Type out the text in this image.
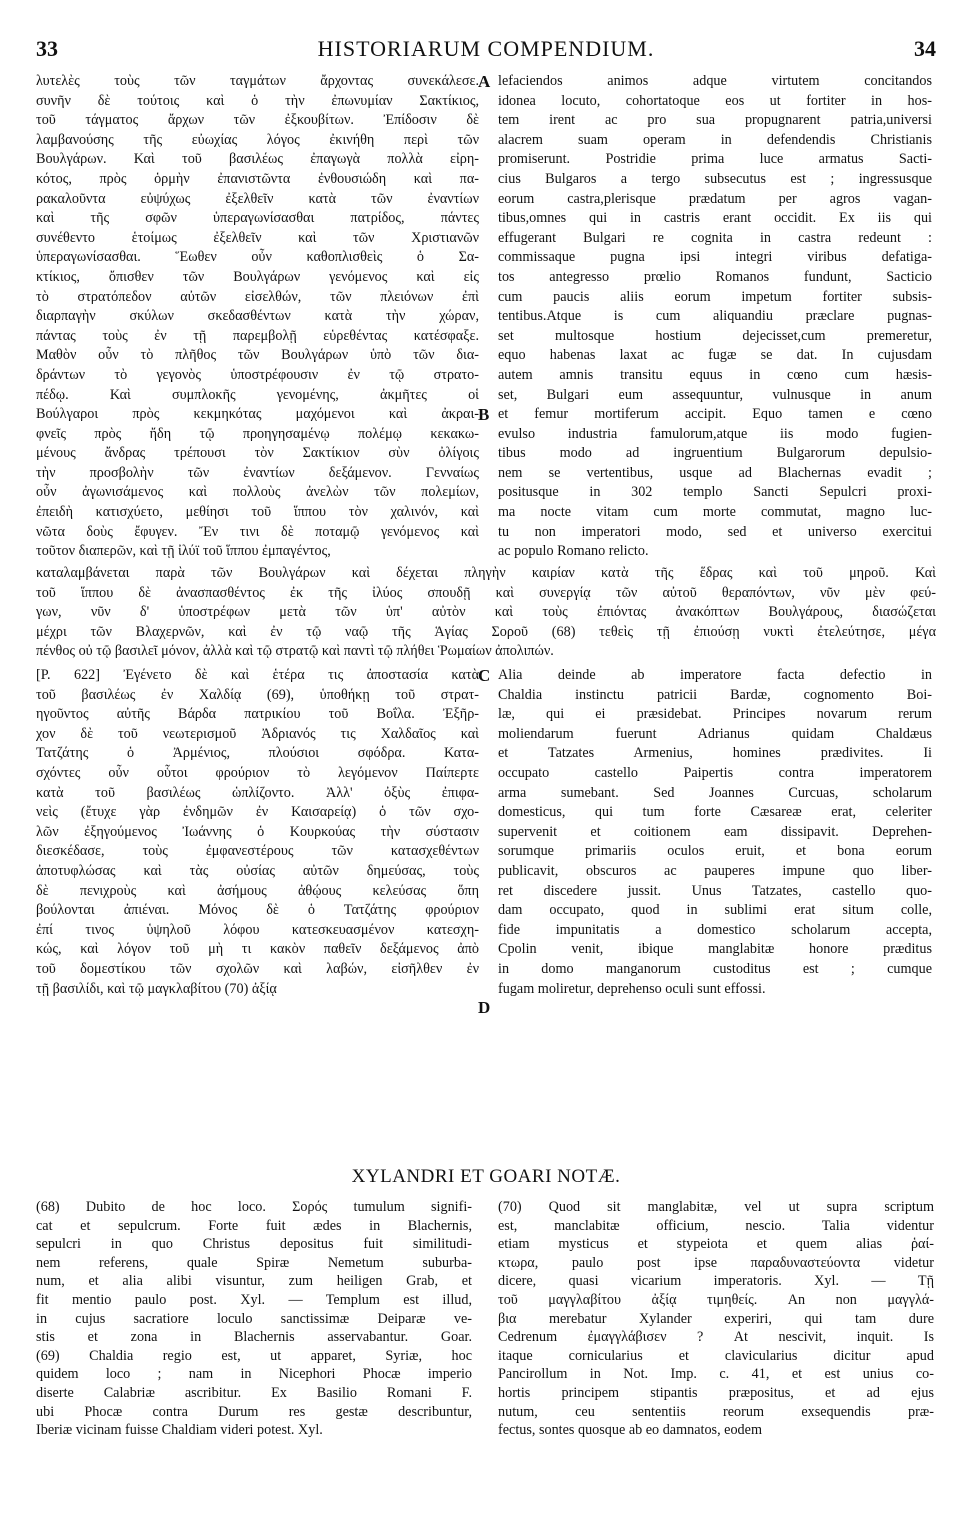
33	HISTORIARUM COMPENDIUM.	34
λυτελὲς τοὺς τῶν ταγμάτων ἄρχοντας συνεκάλεσε.
συνῆν δὲ τούτοις καὶ ὁ τὴν ἐπωνυμίαν Σακτίκιος,
τοῦ τάγματος ἄρχων τῶν ἐξκουβίτων. Ἐπίδοσιν δὲ
λαμβανούσης τῆς εὐωχίας λόγος ἐκινήθη περὶ τῶν
Βουλγάρων. Καὶ τοῦ βασιλέως ἐπαγωγὰ πολλὰ εἰρη-
κότος, πρὸς ὁρμὴν ἐπανιστῶντα ἐνθουσιώδη καὶ πα-
ρακαλοῦντα εὐψύχως ἐξελθεῖν κατὰ τῶν ἐναντίων
καὶ τῆς σφῶν ὑπεραγωνίσασθαι πατρίδος, πάντες
συνέθεντο ἑτοίμως ἐξελθεῖν καὶ τῶν Χριστιανῶν
ὑπεραγωνίσασθαι. Ἕωθεν οὖν καθοπλισθεὶς ὁ Σα-
κτίκιος, ὄπισθεν τῶν Βουλγάρων γενόμενος καὶ εἰς
τὸ στρατόπεδον αὐτῶν εἰσελθών, τῶν πλειόνων ἐπὶ
διαρπαγὴν σκύλων σκεδασθέντων κατὰ τὴν χώραν,
πάντας τοὺς ἐν τῇ παρεμβολῇ εὑρεθέντας κατέσφαξε.
Μαθὸν οὖν τὸ πλῆθος τῶν Βουλγάρων ὑπὸ τῶν δια-
δράντων τὸ γεγονὸς ὑποστρέφουσιν ἐν τῷ στρατο-
πέδῳ. Καὶ συμπλοκῆς γενομένης, ἀκμῆτες οἱ
Βούλγαροι πρὸς κεκμηκότας μαχόμενοι καὶ ἀκραι-
φνεῖς πρὸς ἤδη τῷ προηγησαμένῳ πολέμῳ κεκακω-
μένους ἄνδρας τρέπουσι τὸν Σακτίκιον σὺν ὀλίγοις
τὴν προσβολὴν τῶν ἐναντίων δεξάμενον. Γενναίως
οὖν ἀγωνισάμενος καὶ πολλοὺς ἀνελὼν τῶν πολεμίων,
ἐπειδὴ κατισχύετο, μεθίησι τοῦ ἵππου τὸν χαλινόν, καὶ
νῶτα δοὺς ἔφυγεν. Ἔν τινι δὲ ποταμῷ γενόμενος καὶ
τοῦτον διαπερῶν, καὶ τῇ ἰλύϊ τοῦ ἵππου ἐμπαγέντος,
lefaciendos animos adque virtutem concitandos
idonea locuto, cohortatoque eos ut fortiter in hos-
tem irent ac pro sua propugnarent patria,universi
alacrem suam operam in defendendis Christianis
promiserunt. Postridie prima luce armatus Sacti-
cius Bulgaros a tergo subsecutus est ; ingressusque
eorum castra,plerisque prædatum per agros vagan-
tibus,omnes qui in castris erant occidit. Ex iis qui
effugerant Bulgari re cognita in castra redeunt :
commissaque pugna ipsi integri viribus defatiga-
tos antegresso prœlio Romanos fundunt, Sacticio
cum paucis aliis eorum impetum fortiter subsis-
tentibus.Atque is cum aliquandiu præclare pugnas-
set multosque hostium dejecisset,cum premeretur,
equo habenas laxat ac fugæ se dat. In cujusdam
autem amnis transitu equus in cœno cum hæsis-
set, Bulgari eum assequuntur, vulnusque in anum
et femur mortiferum accipit. Equo tamen e cœno
evulso industria famulorum,atque iis modo fugien-
tibus modo ad ingruentium Bulgarorum depulsio-
nem se vertentibus, usque ad Blachernas evadit ;
positusque in 302 templo Sancti Sepulcri proxi-
ma nocte vitam cum morte commutat, magno luc-
tu non imperatori modo, sed et universo exercitui
ac populo Romano relicto.
A
B
καταλαμβάνεται παρὰ τῶν Βουλγάρων καὶ δέχεται πληγὴν καιρίαν κατὰ τῆς ἕδρας καὶ τοῦ μηροῦ. Καὶ
τοῦ ἵππου δὲ ἀνασπασθέντος ἐκ τῆς ἰλύος σπουδῇ καὶ συνεργίᾳ τῶν αὐτοῦ θεραπόντων, νῦν μὲν φεύ-
γων, νῦν δ' ὑποστρέφων μετὰ τῶν ὑπ' αὐτὸν καὶ τοὺς ἐπιόντας ἀνακόπτων Βουλγάρους, διασώζεται
μέχρι τῶν Βλαχερνῶν, καὶ ἐν τῷ ναῷ τῆς Ἁγίας Σοροῦ (68) τεθεὶς τῇ ἐπιούσῃ νυκτὶ ἐτελεύτησε, μέγα
πένθος οὐ τῷ βασιλεῖ μόνον, ἀλλὰ καὶ τῷ στρατῷ καὶ παντὶ τῷ πλήθει Ῥωμαίων ἀπολιπών.
[P. 622] Ἐγένετο δὲ καὶ ἑτέρα τις ἀποστασία κατὰ
τοῦ βασιλέως ἐν Χαλδίᾳ (69), ὑποθήκῃ τοῦ στρατ-
ηγοῦντος αὐτῆς Βάρδα πατρικίου τοῦ Βοΐλα. Ἐξῆρ-
χον δὲ τοῦ νεωτερισμοῦ Ἀδριανός τις Χαλδαῖος καὶ
Τατζάτης ὁ Ἀρμένιος, πλούσιοι σφόδρα. Κατα-
σχόντες οὖν οὗτοι φρούριον τὸ λεγόμενον Παίπερτε
κατὰ τοῦ βασιλέως ὡπλίζοντο. Ἀλλ' ὀξὺς ἐπιφα-
νεὶς (ἔτυχε γὰρ ἐνδημῶν ἐν Καισαρείᾳ) ὁ τῶν σχο-
λῶν ἐξηγούμενος Ἰωάννης ὁ Κουρκούας τὴν σύστασιν
διεσκέδασε, τοὺς ἐμφανεστέρους τῶν κατασχεθέντων
ἀποτυφλώσας καὶ τὰς οὐσίας αὐτῶν δημεύσας, τοὺς
δὲ πενιχροὺς καὶ ἀσήμους ἀθῴους κελεύσας ὅπη
βούλονται ἀπιέναι. Μόνος δὲ ὁ Τατζάτης φρούριον
ἐπί τινος ὑψηλοῦ λόφου κατεσκευασμένον κατεσχη-
κώς, καὶ λόγον τοῦ μὴ τι κακὸν παθεῖν δεξάμενος ἀπὸ
τοῦ δομεστίκου τῶν σχολῶν καὶ λαβών, εἰσῆλθεν ἐν
τῇ βασιλίδι, καὶ τῷ μαγκλαβίτου (70) ἀξίᾳ
Alia deinde ab imperatore facta defectio in
Chaldia instinctu patricii Bardæ, cognomento Boi-
læ, qui ei præsidebat. Principes novarum rerum
moliendarum fuerunt Adrianus quidam Chaldæus
et Tatzates Armenius, homines prædivites. Ii
occupato castello Paipertis contra imperatorem
arma sumebant. Sed Joannes Curcuas, scholarum
domesticus, qui tum forte Cæsareæ erat, celeriter
supervenit et coitionem eam dissipavit. Deprehen-
sorumque primariis oculos eruit, et bona eorum
publicavit, obscuros ac pauperes impune quo liber-
ret discedere jussit. Unus Tatzates, castello quo-
dam occupato, quod in sublimi erat situm colle,
fide impunitatis a domestico scholarum accepta,
Cpolin venit, ibique manglabitæ honore præditus
in domo manganorum custoditus est ; cumque
fugam moliretur, deprehenso oculi sunt effossi.
C
D
XYLANDRI ET GOARI NOTÆ.
(68) Dubito de hoc loco. Σορός tumulum signifi-
cat et sepulcrum. Forte fuit ædes in Blachernis,
sepulcri in quo Christus depositus fuit similitudi-
nem referens, quale Spiræ Nemetum suburba-
num, et alia alibi visuntur, zum heiligen Grab, et
fit mentio paulo post. Xyl. — Templum est illud,
in cujus sacratiore loculo sanctissimæ Deiparæ ve-
stis et zona in Blachernis asservabantur. Goar.
(69) Chaldia regio est, ut apparet, Syriæ, hoc
quidem loco ; nam in Nicephori Phocæ imperio
diserte Calabriæ ascribitur. Ex Basilio Romani F.
ubi Phocæ contra Durum res gestæ describuntur,
Iberiæ vicinam fuisse Chaldiam videri potest. Xyl.
(70) Quod sit manglabitæ, vel ut supra scriptum
est, manclabitæ officium, nescio. Talia videntur
etiam mysticus et stypeiota et quem alias ῥαί-
κτωρα, paulo post ipse παραδυναστεύοντα videtur
dicere, quasi vicarium imperatoris. Xyl. — Τῇ
τοῦ μαγγλαβίτου ἀξίᾳ τιμηθείς. An non μαγγλά-
βια merebatur Xylander experiri, qui tam dure
Cedrenum ἐμαγγλάβισεν ? At nescivit, inquit. Is
itaque cornicularius et clavicularius dicitur apud
Pancirollum in Not. Imp. c. 41, et est unius co-
hortis principem stipantis præpositus, et ad ejus
nutum, ceu sententiis reorum exsequendis præ-
fectus, sontes quosque ab eo damnatos, eodem
